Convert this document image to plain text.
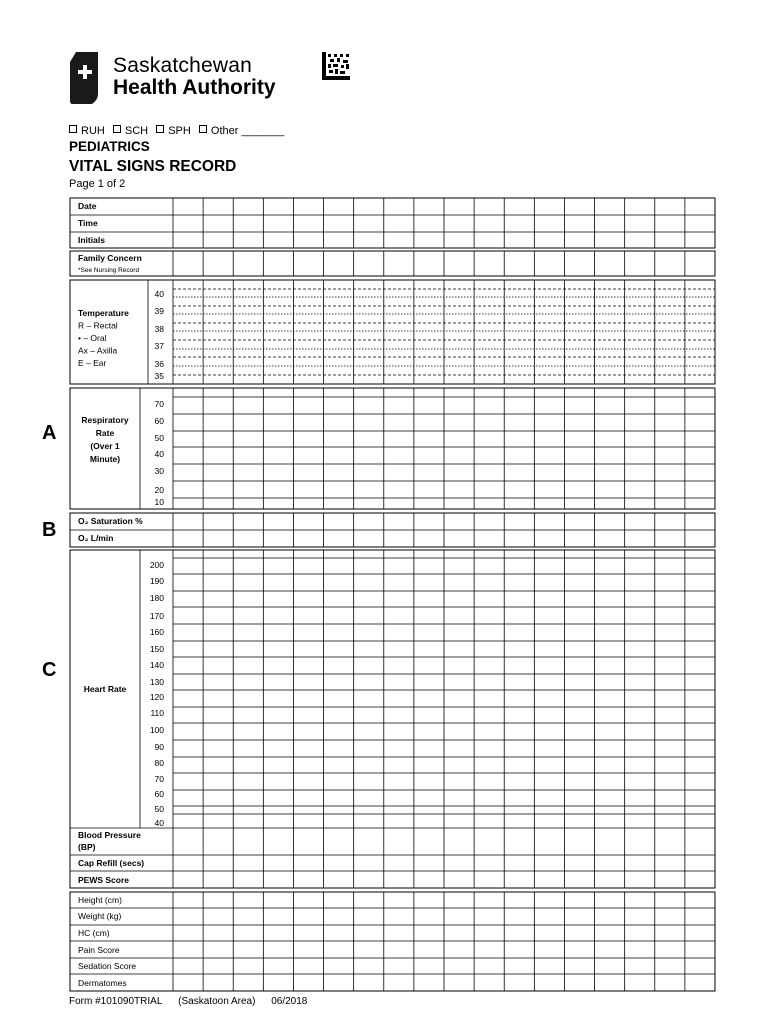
Saskatchewan
Health Authority
RUH SCH SPH Other _______
PEDIATRICS
VITAL SIGNS RECORD
Page 1 of 2
A
B
C
Date
Time
Initials
Family Concern
*See Nursing Record
40
39
38
37
36
35
Temperature
R – Rectal
• – Oral
Ax – Axilla
E – Ear
70
60
50
40
30
20
10
Respiratory
Rate
(Over 1
Minute)
O₂ Saturation %
O₂ L/min
200
190
180
170
160
150
140
130
120
110
100
90
80
70
60
50
40
Heart Rate
Blood Pressure
(BP)
Cap Refill (secs)
PEWS Score
Height (cm)
Weight (kg)
HC (cm)
Pain Score
Sedation Score
Dermatomes
Form #101090TRIAL (Saskatoon Area) 06/2018
